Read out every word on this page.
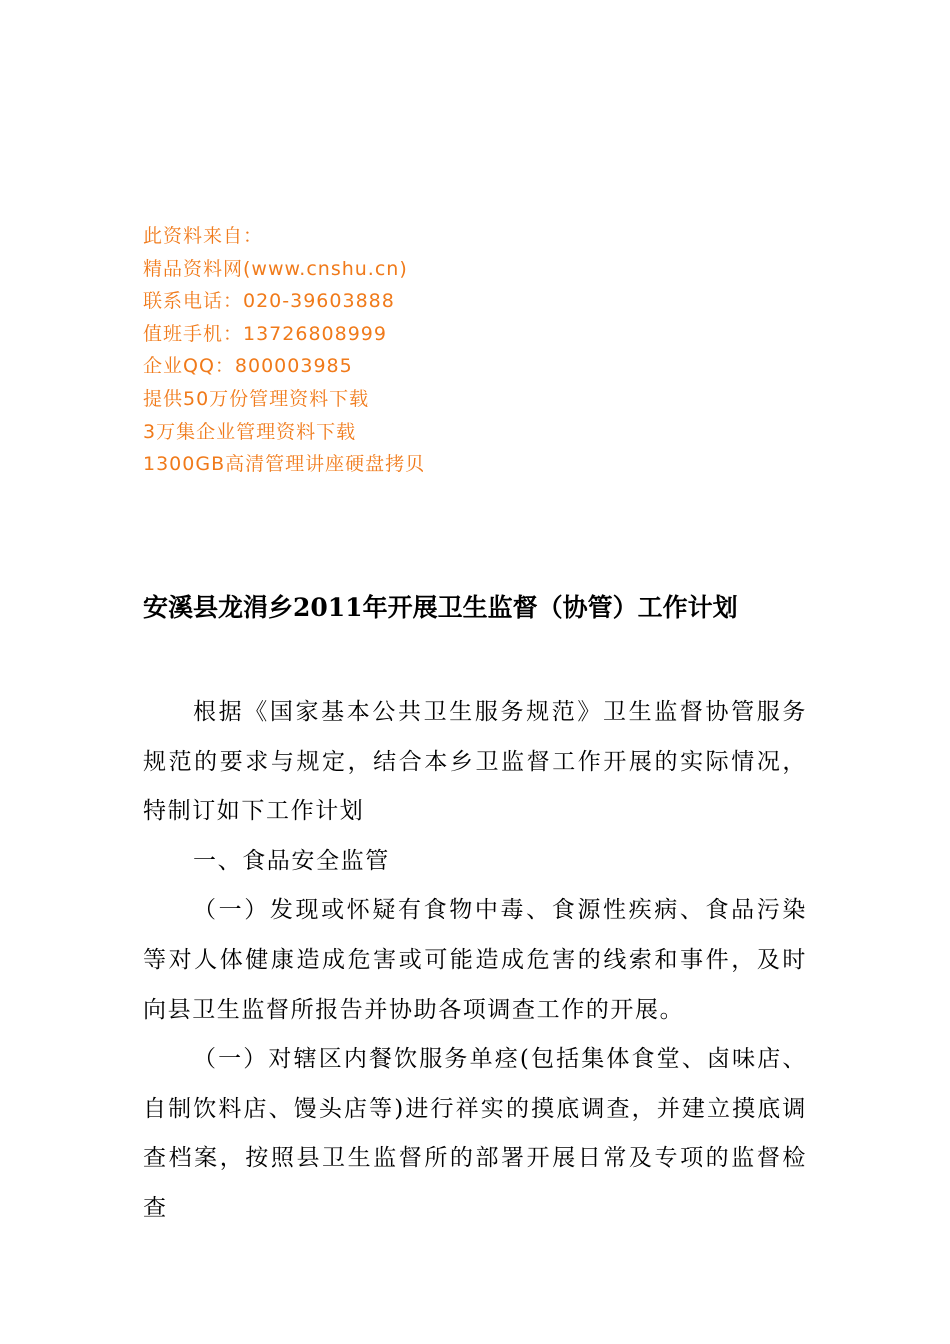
此资料来自：
精品资料网(www.cnshu.cn)
联系电话：020-39603888
值班手机：13726808999
企业QQ：800003985
提供50万份管理资料下载
3万集企业管理资料下载
1300GB高清管理讲座硬盘拷贝
安溪县龙涓乡2011年开展卫生监督（协管）工作计划

根据《国家基本公共卫生服务规范》卫生监督协管服务规范的要求与规定，结合本乡卫监督工作开展的实际情况，特制订如下工作计划

一、食品安全监管

（一）发现或怀疑有食物中毒、食源性疾病、食品污染等对人体健康造成危害或可能造成危害的线索和事件，及时向县卫生监督所报告并协助各项调查工作的开展。

（一）对辖区内餐饮服务单痉(包括集体食堂、卤味店、自制饮料店、馒头店等)进行祥实的摸底调查，并建立摸底调查档案，按照县卫生监督所的部署开展日常及专项的监督检查
